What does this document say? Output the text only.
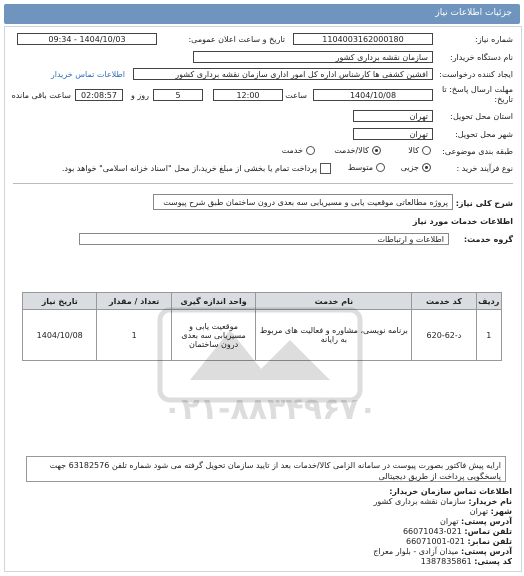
جزئیات اطلاعات نیاز
شماره نیاز:
1104003162000180
تاریخ و ساعت اعلان عمومی:
1404/10/03 - 09:34
نام دستگاه خریدار:
سازمان نقشه برداری کشور
ایجاد کننده درخواست:
افشین کشفی ها کارشناس اداره کل امور اداری سازمان نقشه برداری کشور
اطلاعات تماس خریدار
مهلت ارسال پاسخ: تا
تاریخ:
1404/10/08
ساعت
12:00
5
روز و
02:08:57
ساعت باقی مانده
استان محل تحویل:
تهران
شهر محل تحویل:
تهران
طبقه بندی موضوعی:
کالا
کالا/خدمت
خدمت
نوع فرآیند خرید :
جزیی
متوسط
پرداخت تمام یا بخشی از مبلغ خرید،از محل "اسناد خزانه اسلامی" خواهد بود.
شرح کلی نیاز:
پروژه مطالعاتی موقعیت یابی و مسیریابی سه بعدی درون ساختمان طبق شرح پیوست
اطلاعات خدمات مورد نیاز
گروه خدمت:
اطلاعات و ارتباطات
ردیف	کد خدمت	نام خدمت	واحد اندازه گیری	تعداد / مقدار	تاریخ نیاز
1	د-62-620	برنامه نویسی، مشاوره و فعالیت های مربوط به رایانه	موقعیت یابی و مسیریابی سه بعدی درون ساختمان	1	1404/10/08
۰۲۱-۸۸۳۴۹۶۷۰
ارایه پیش فاکتور بصورت پیوست در سامانه الزامی کالا/خدمات بعد از تایید سازمان تحویل گرفته می شود شماره تلفن 63182576 جهت پاسخگویی پرداخت از طریق دیجیتالی
اطلاعات تماس سازمان خریدار:
نام خریدار: سازمان نقشه برداری کشور
شهر: تهران
آدرس پستی: تهران
تلفن تماس: 021-66071043
تلفن نمابر: 021-66071001
آدرس پستی: میدان آزادی - بلوار معراج
کد پستی: 1387835861
